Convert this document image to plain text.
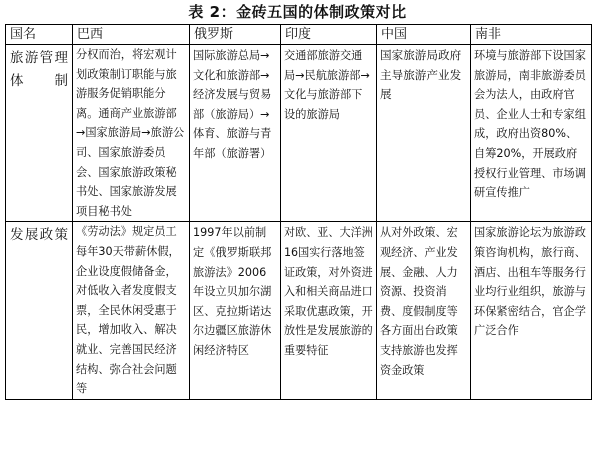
表 2：金砖五国的体制政策对比
国名	巴西	俄罗斯	印度	中国	南非
旅游管理体制	分权而治，将宏观计划政策制订职能与旅游服务促销职能分离。通商产业旅游部→国家旅游局→旅游公司、国家旅游委员会、国家旅游政策秘书处、国家旅游发展项目秘书处	国际旅游总局→文化和旅游部→经济发展与贸易部（旅游局）→体育、旅游与青年部（旅游署）	交通部旅游交通局→民航旅游部→文化与旅游部下设的旅游局	国家旅游局政府主导旅游产业发展	环境与旅游部下设国家旅游局，南非旅游委员会为法人，由政府官员、企业人士和专家组成，政府出资80%、自筹20%，开展政府授权行业管理、市场调研宣传推广
发展政策	《劳动法》规定员工每年30天带薪休假，企业设度假储备金，对低收入者发度假支票，全民休闲受惠于民，增加收入、解决就业、完善国民经济结构、弥合社会问题等	1997年以前制定《俄罗斯联邦旅游法》2006年设立贝加尔湖区、克拉斯诺达尔边疆区旅游休闲经济特区	对欧、亚、大洋洲16国实行落地签证政策，对外资进入和相关商品进口采取优惠政策，开放性是发展旅游的重要特征	从对外政策、宏观经济、产业发展、金融、人力资源、投资消费、度假制度等各方面出台政策支持旅游也发挥资金政策	国家旅游论坛为旅游政策咨询机构，旅行商、酒店、出租车等服务行业均行业组织，旅游与环保紧密结合，官企学广泛合作
